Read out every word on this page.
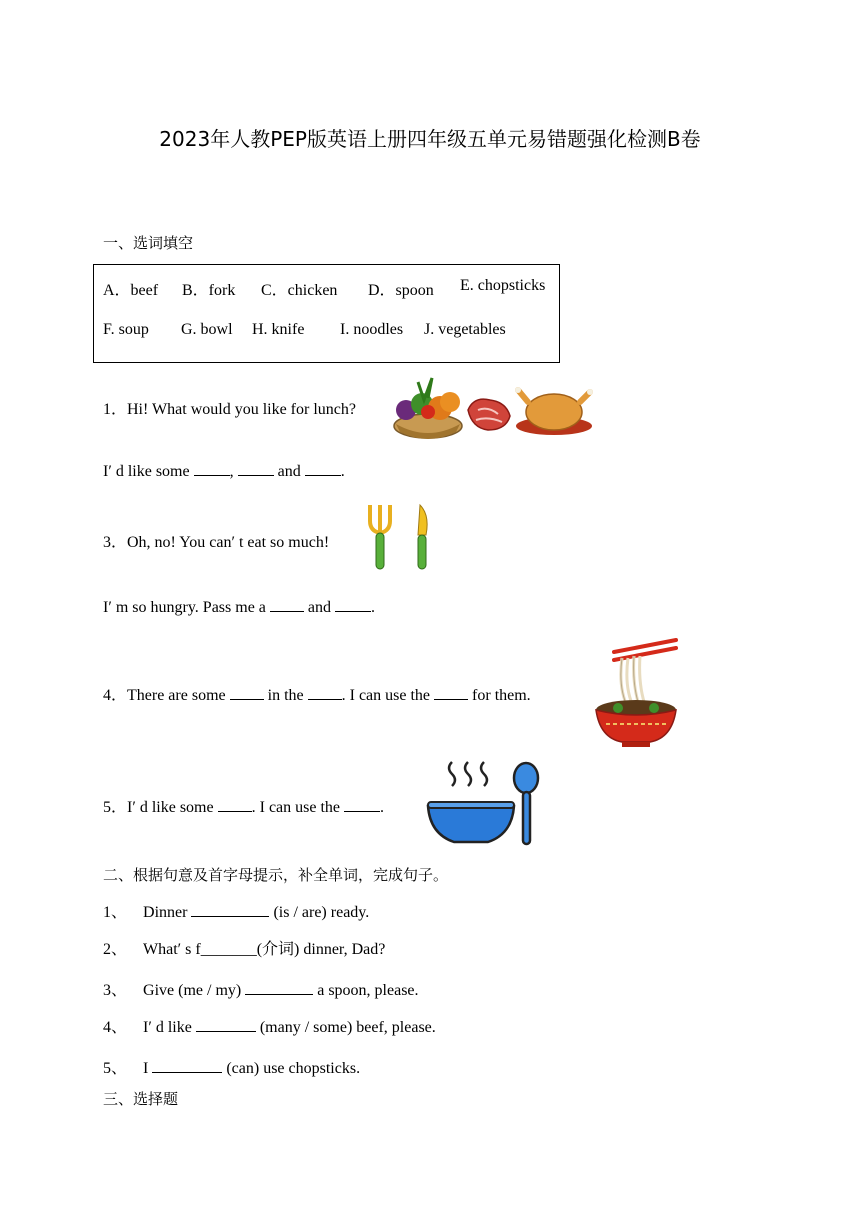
2023年人教PEP版英语上册四年级五单元易错题强化检测B卷
一、选词填空
A．beef B．fork C．chicken D．spoon E. chopsticks
F. soup G. bowl H. knife I. noodles J. vegetables
1．Hi! What would you like for lunch?
I′ d like some	,	and	.
3．Oh, no! You can′ t eat so much!
I′ m so hungry. Pass me a	and	.
4．There are some	in the . I can use the	for them.
5．I′ d like some . I can use the	.
二、根据句意及首字母提示，补全单词，完成句子。
1、 Dinner	(is / are) ready.
2、 What′ s f_______(介词) dinner, Dad?
3、 Give (me / my)	a spoon, please.
4、 I′ d like	(many / some) beef, please.
5、 I	(can) use chopsticks.
三、选择题
